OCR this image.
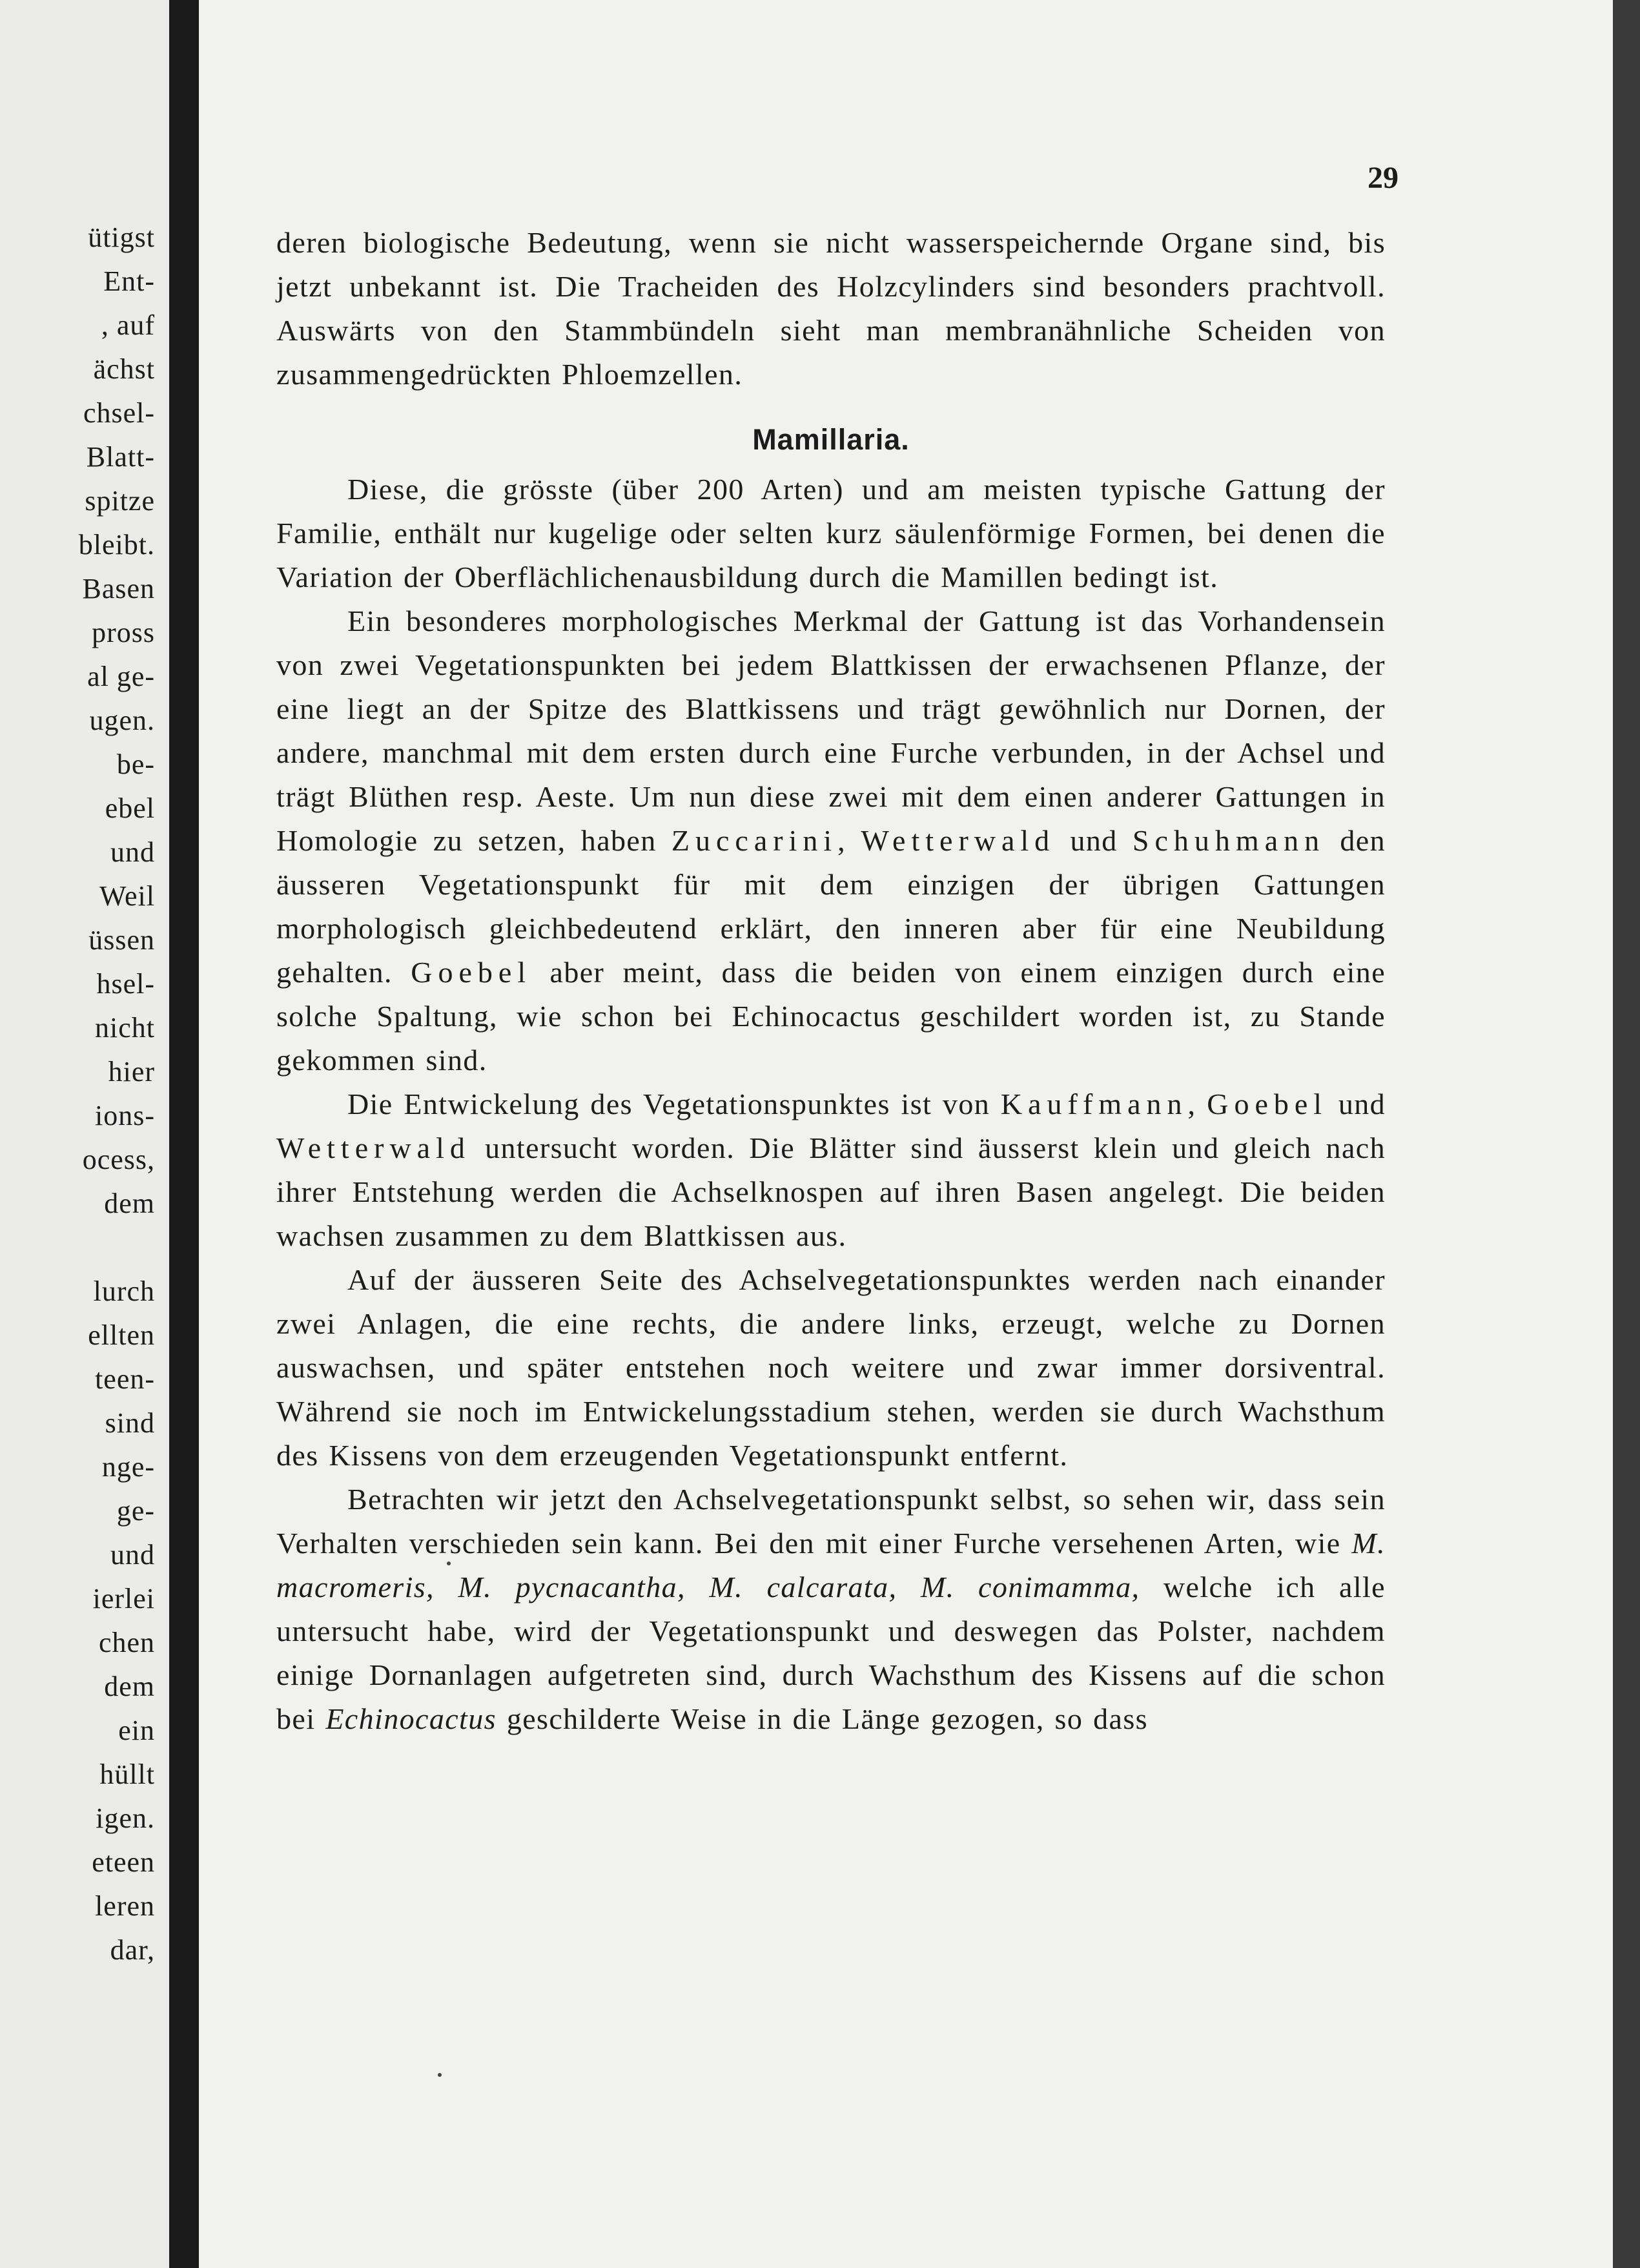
ütigst
Ent-
, auf
ächst
chsel-
Blatt-
spitze
bleibt.
Basen
pross
al ge-
ugen.
be-
ebel
und
Weil
üssen
hsel-
nicht
hier
ions-
ocess,
dem
lurch
ellten
teen-
sind
nge-
ge-
und
ierlei
chen
dem
ein
hüllt
igen.
eteen
leren
dar,
29

deren biologische Bedeutung, wenn sie nicht wasserspeichernde Organe sind, bis jetzt unbekannt ist. Die Tracheiden des Holzcylinders sind besonders prachtvoll. Auswärts von den Stammbündeln sieht man membranähnliche Scheiden von zusammengedrückten Phloemzellen.

Mamillaria.

Diese, die grösste (über 200 Arten) und am meisten typische Gattung der Familie, enthält nur kugelige oder selten kurz säulenförmige Formen, bei denen die Variation der Oberflächlichenausbildung durch die Mamillen bedingt ist.

Ein besonderes morphologisches Merkmal der Gattung ist das Vorhandensein von zwei Vegetationspunkten bei jedem Blattkissen der erwachsenen Pflanze, der eine liegt an der Spitze des Blattkissens und trägt gewöhnlich nur Dornen, der andere, manchmal mit dem ersten durch eine Furche verbunden, in der Achsel und trägt Blüthen resp. Aeste. Um nun diese zwei mit dem einen anderer Gattungen in Homologie zu setzen, haben Zuccarini, Wetterwald und Schuhmann den äusseren Vegetationspunkt für mit dem einzigen der übrigen Gattungen morphologisch gleichbedeutend erklärt, den inneren aber für eine Neubildung gehalten. Goebel aber meint, dass die beiden von einem einzigen durch eine solche Spaltung, wie schon bei Echinocactus geschildert worden ist, zu Stande gekommen sind.

Die Entwickelung des Vegetationspunktes ist von Kauffmann, Goebel und Wetterwald untersucht worden. Die Blätter sind äusserst klein und gleich nach ihrer Entstehung werden die Achselknospen auf ihren Basen angelegt. Die beiden wachsen zusammen zu dem Blattkissen aus.

Auf der äusseren Seite des Achselvegetationspunktes werden nach einander zwei Anlagen, die eine rechts, die andere links, erzeugt, welche zu Dornen auswachsen, und später entstehen noch weitere und zwar immer dorsiventral. Während sie noch im Entwickelungsstadium stehen, werden sie durch Wachsthum des Kissens von dem erzeugenden Vegetationspunkt entfernt.

Betrachten wir jetzt den Achselvegetationspunkt selbst, so sehen wir, dass sein Verhalten verschieden sein kann. Bei den mit einer Furche versehenen Arten, wie M. macromeris, M. pycnacantha, M. calcarata, M. conimamma, welche ich alle untersucht habe, wird der Vegetationspunkt und deswegen das Polster, nachdem einige Dornanlagen aufgetreten sind, durch Wachsthum des Kissens auf die schon bei Echinocactus geschilderte Weise in die Länge gezogen, so dass
